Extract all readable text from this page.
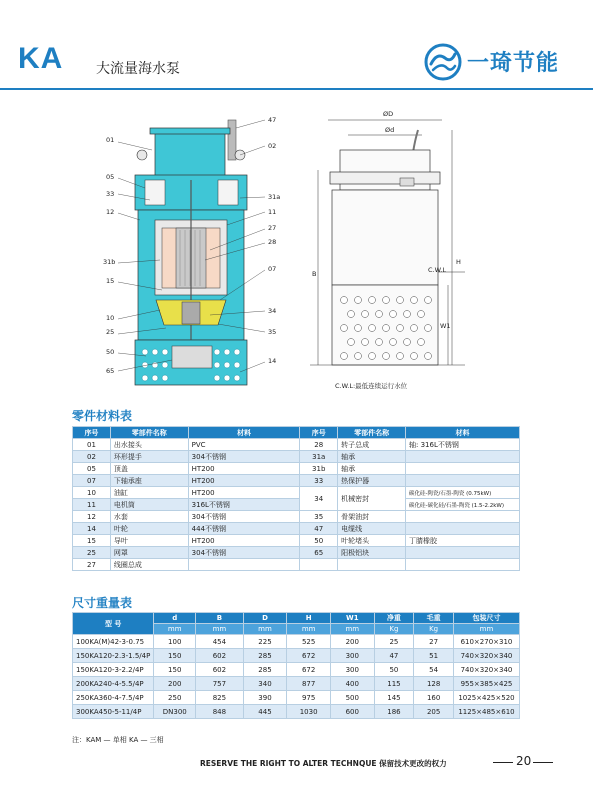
KA 大流量海水泵	一琦节能
01
05
33
12
31b
15
10
25
50
65
47
02
31a
11
27
28
07
34
35
14
ØD
Ød
C.W.L
H
B
W1
C.W.L:最低连续运行水位
零件材料表
序号	零部件名称	材料	序号	零部件名称	材料
01	出水接头	PVC	28	转子总成	轴: 316L不锈钢
02	环形提手	304不锈钢	31a	轴承	
05	顶盖	HT200	31b	轴承	
07	下轴承座	HT200	33	热保护器	
10	油缸	HT200	34	机械密封	碳化硅-陶瓷/石墨-陶瓷 (0.75kW)
11	电机筒	316L不锈钢			碳化硅-碳化硅/石墨-陶瓷 (1.5-2.2kW)
12	水套	304不锈钢	35	骨架油封	
14	叶轮	444不锈钢	47	电缆线	
15	导叶	HT200	50	叶轮堵头	丁腈橡胶
25	网罩	304不锈钢	65	阳极铝块	
27	线圈总成				
尺寸重量表
型 号	d	B	D	H	W1	净重	毛重	包装尺寸
	mm	mm	mm	mm	mm	Kg	Kg	mm
100KA(M)42-3-0.75	100	454	225	525	200	25	27	610×270×310
150KA120-2.3-1.5/4P	150	602	285	672	300	47	51	740×320×340
150KA120-3-2.2/4P	150	602	285	672	300	50	54	740×320×340
200KA240-4-5.5/4P	200	757	340	877	400	115	128	955×385×425
250KA360-4-7.5/4P	250	825	390	975	500	145	160	1025×425×520
300KA450-5-11/4P	DN300	848	445	1030	600	186	205	1125×485×610
注：KAM — 单相 KA — 三相
RESERVE THE RIGHT TO ALTER TECHNQUE 保留技术更改的权力	20
